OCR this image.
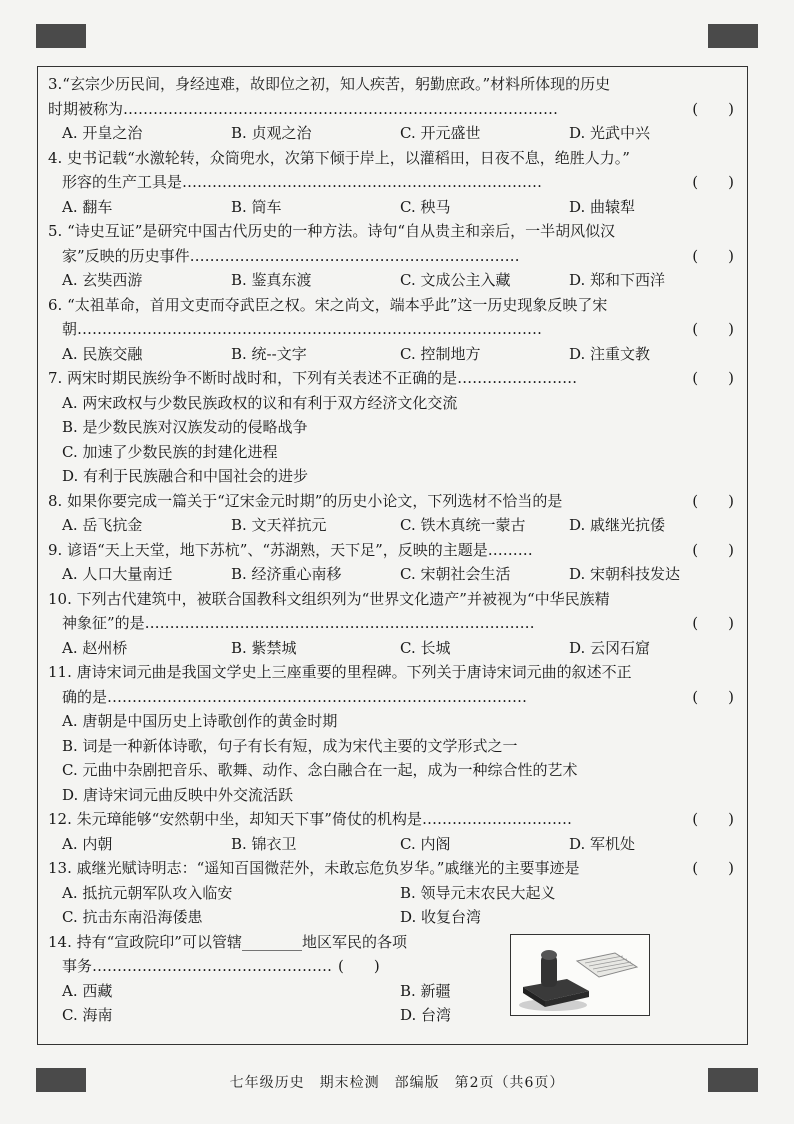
3.“玄宗少历民间，身经迍难，故即位之初，知人疾苦，躬勤庶政。”材料所体现的历史
时期被称为……………………………………………………………………………	(　　)
A. 开皇之治	B. 贞观之治	C. 开元盛世	D. 光武中兴
4. 史书记载“水激轮转，众筒兜水，次第下倾于岸上，以灌稻田，日夜不息，绝胜人力。”
形容的生产工具是………………………………………………………………	(　　)
A. 翻车	B. 筒车	C. 秧马	D. 曲辕犁
5. “诗史互证”是研究中国古代历史的一种方法。诗句“自从贵主和亲后，一半胡风似汉
家”反映的历史事件…………………………………………………………	(　　)
A. 玄奘西游	B. 鉴真东渡	C. 文成公主入藏	D. 郑和下西洋
6. “太祖革命，首用文吏而夺武臣之权。宋之尚文，端本乎此”这一历史现象反映了宋
朝…………………………………………………………………………………	(　　)
A. 民族交融	B. 统--文字	C. 控制地方	D. 注重文教
7. 两宋时期民族纷争不断时战时和，下列有关表述不正确的是……………………	(　　)
A. 两宋政权与少数民族政权的议和有利于双方经济文化交流
B. 是少数民族对汉族发动的侵略战争
C. 加速了少数民族的封建化进程
D. 有利于民族融合和中国社会的进步
8. 如果你要完成一篇关于“辽宋金元时期”的历史小论文，下列选材不恰当的是	(　　)
A. 岳飞抗金	B. 文天祥抗元	C. 铁木真统一蒙古	D. 戚继光抗倭
9. 谚语“天上天堂，地下苏杭”、“苏湖熟，天下足”，反映的主题是………	(　　)
A. 人口大量南迁	B. 经济重心南移	C. 宋朝社会生活	D. 宋朝科技发达
10. 下列古代建筑中，被联合国教科文组织列为“世界文化遗产”并被视为“中华民族精
神象征”的是……………………………………………………………………	(　　)
A. 赵州桥	B. 紫禁城	C. 长城	D. 云冈石窟
11. 唐诗宋词元曲是我国文学史上三座重要的里程碑。下列关于唐诗宋词元曲的叙述不正
确的是…………………………………………………………………………	(　　)
A. 唐朝是中国历史上诗歌创作的黄金时期
B. 词是一种新体诗歌，句子有长有短，成为宋代主要的文学形式之一
C. 元曲中杂剧把音乐、歌舞、动作、念白融合在一起，成为一种综合性的艺术
D. 唐诗宋词元曲反映中外交流活跃
12. 朱元璋能够“安然朝中坐，却知天下事”倚仗的机构是…………………………	(　　)
A. 内朝	B. 锦衣卫	C. 内阁	D. 军机处
13. 戚继光赋诗明志：“遥知百国微茫外，未敢忘危负岁华。”戚继光的主要事迹是	(　　)
A. 抵抗元朝军队攻入临安	B. 领导元末农民大起义
C. 抗击东南沿海倭患	D. 收复台湾
14. 持有“宣政院印”可以管辖________地区军民的各项
事务………………………………………… (　　)
A. 西藏	B. 新疆
C. 海南	D. 台湾
七年级历史　期末检测　部编版　第2页（共6页）
